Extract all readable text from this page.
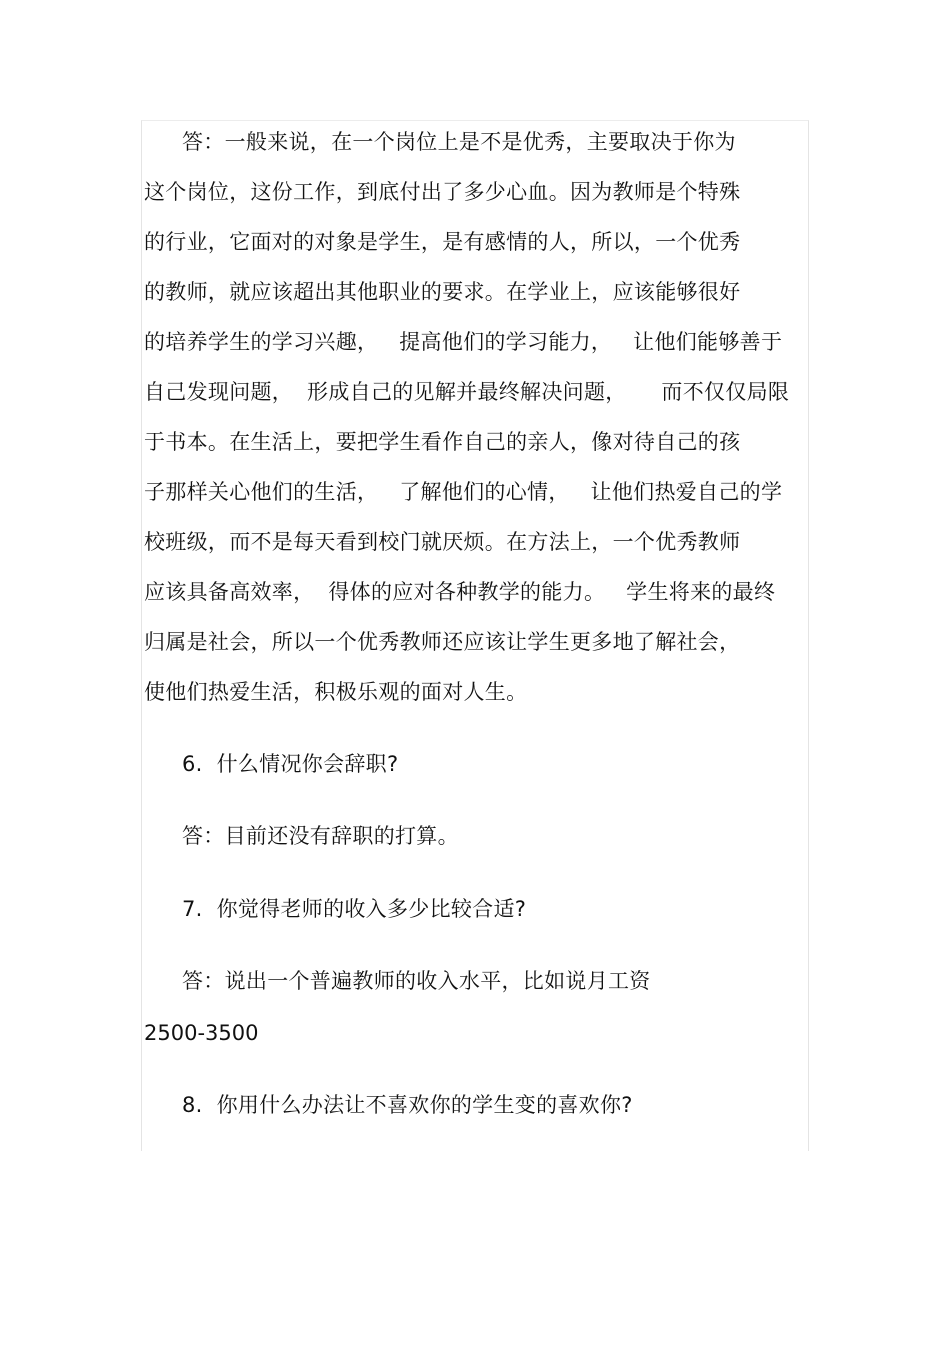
答：一般来说，在一个岗位上是不是优秀，主要取决于你为
这个岗位，这份工作，到底付出了多少心血。因为教师是个特殊
的行业，它面对的对象是学生，是有感情的人，所以，一个优秀
的教师，就应该超出其他职业的要求。在学业上，应该能够很好
的培养学生的学习兴趣，   提高他们的学习能力，   让他们能够善于
自己发现问题，  形成自己的见解并最终解决问题，     而不仅仅局限
于书本。在生活上，要把学生看作自己的亲人，像对待自己的孩
子那样关心他们的生活，   了解他们的心情，   让他们热爱自己的学
校班级，而不是每天看到校门就厌烦。在方法上，一个优秀教师
应该具备高效率，  得体的应对各种教学的能力。   学生将来的最终
归属是社会，所以一个优秀教师还应该让学生更多地了解社会，
使他们热爱生活，积极乐观的面对人生。
6.  什么情况你会辞职?
答：目前还没有辞职的打算。
7.  你觉得老师的收入多少比较合适?
答：说出一个普遍教师的收入水平，比如说月工资
2500-3500
8.  你用什么办法让不喜欢你的学生变的喜欢你?
